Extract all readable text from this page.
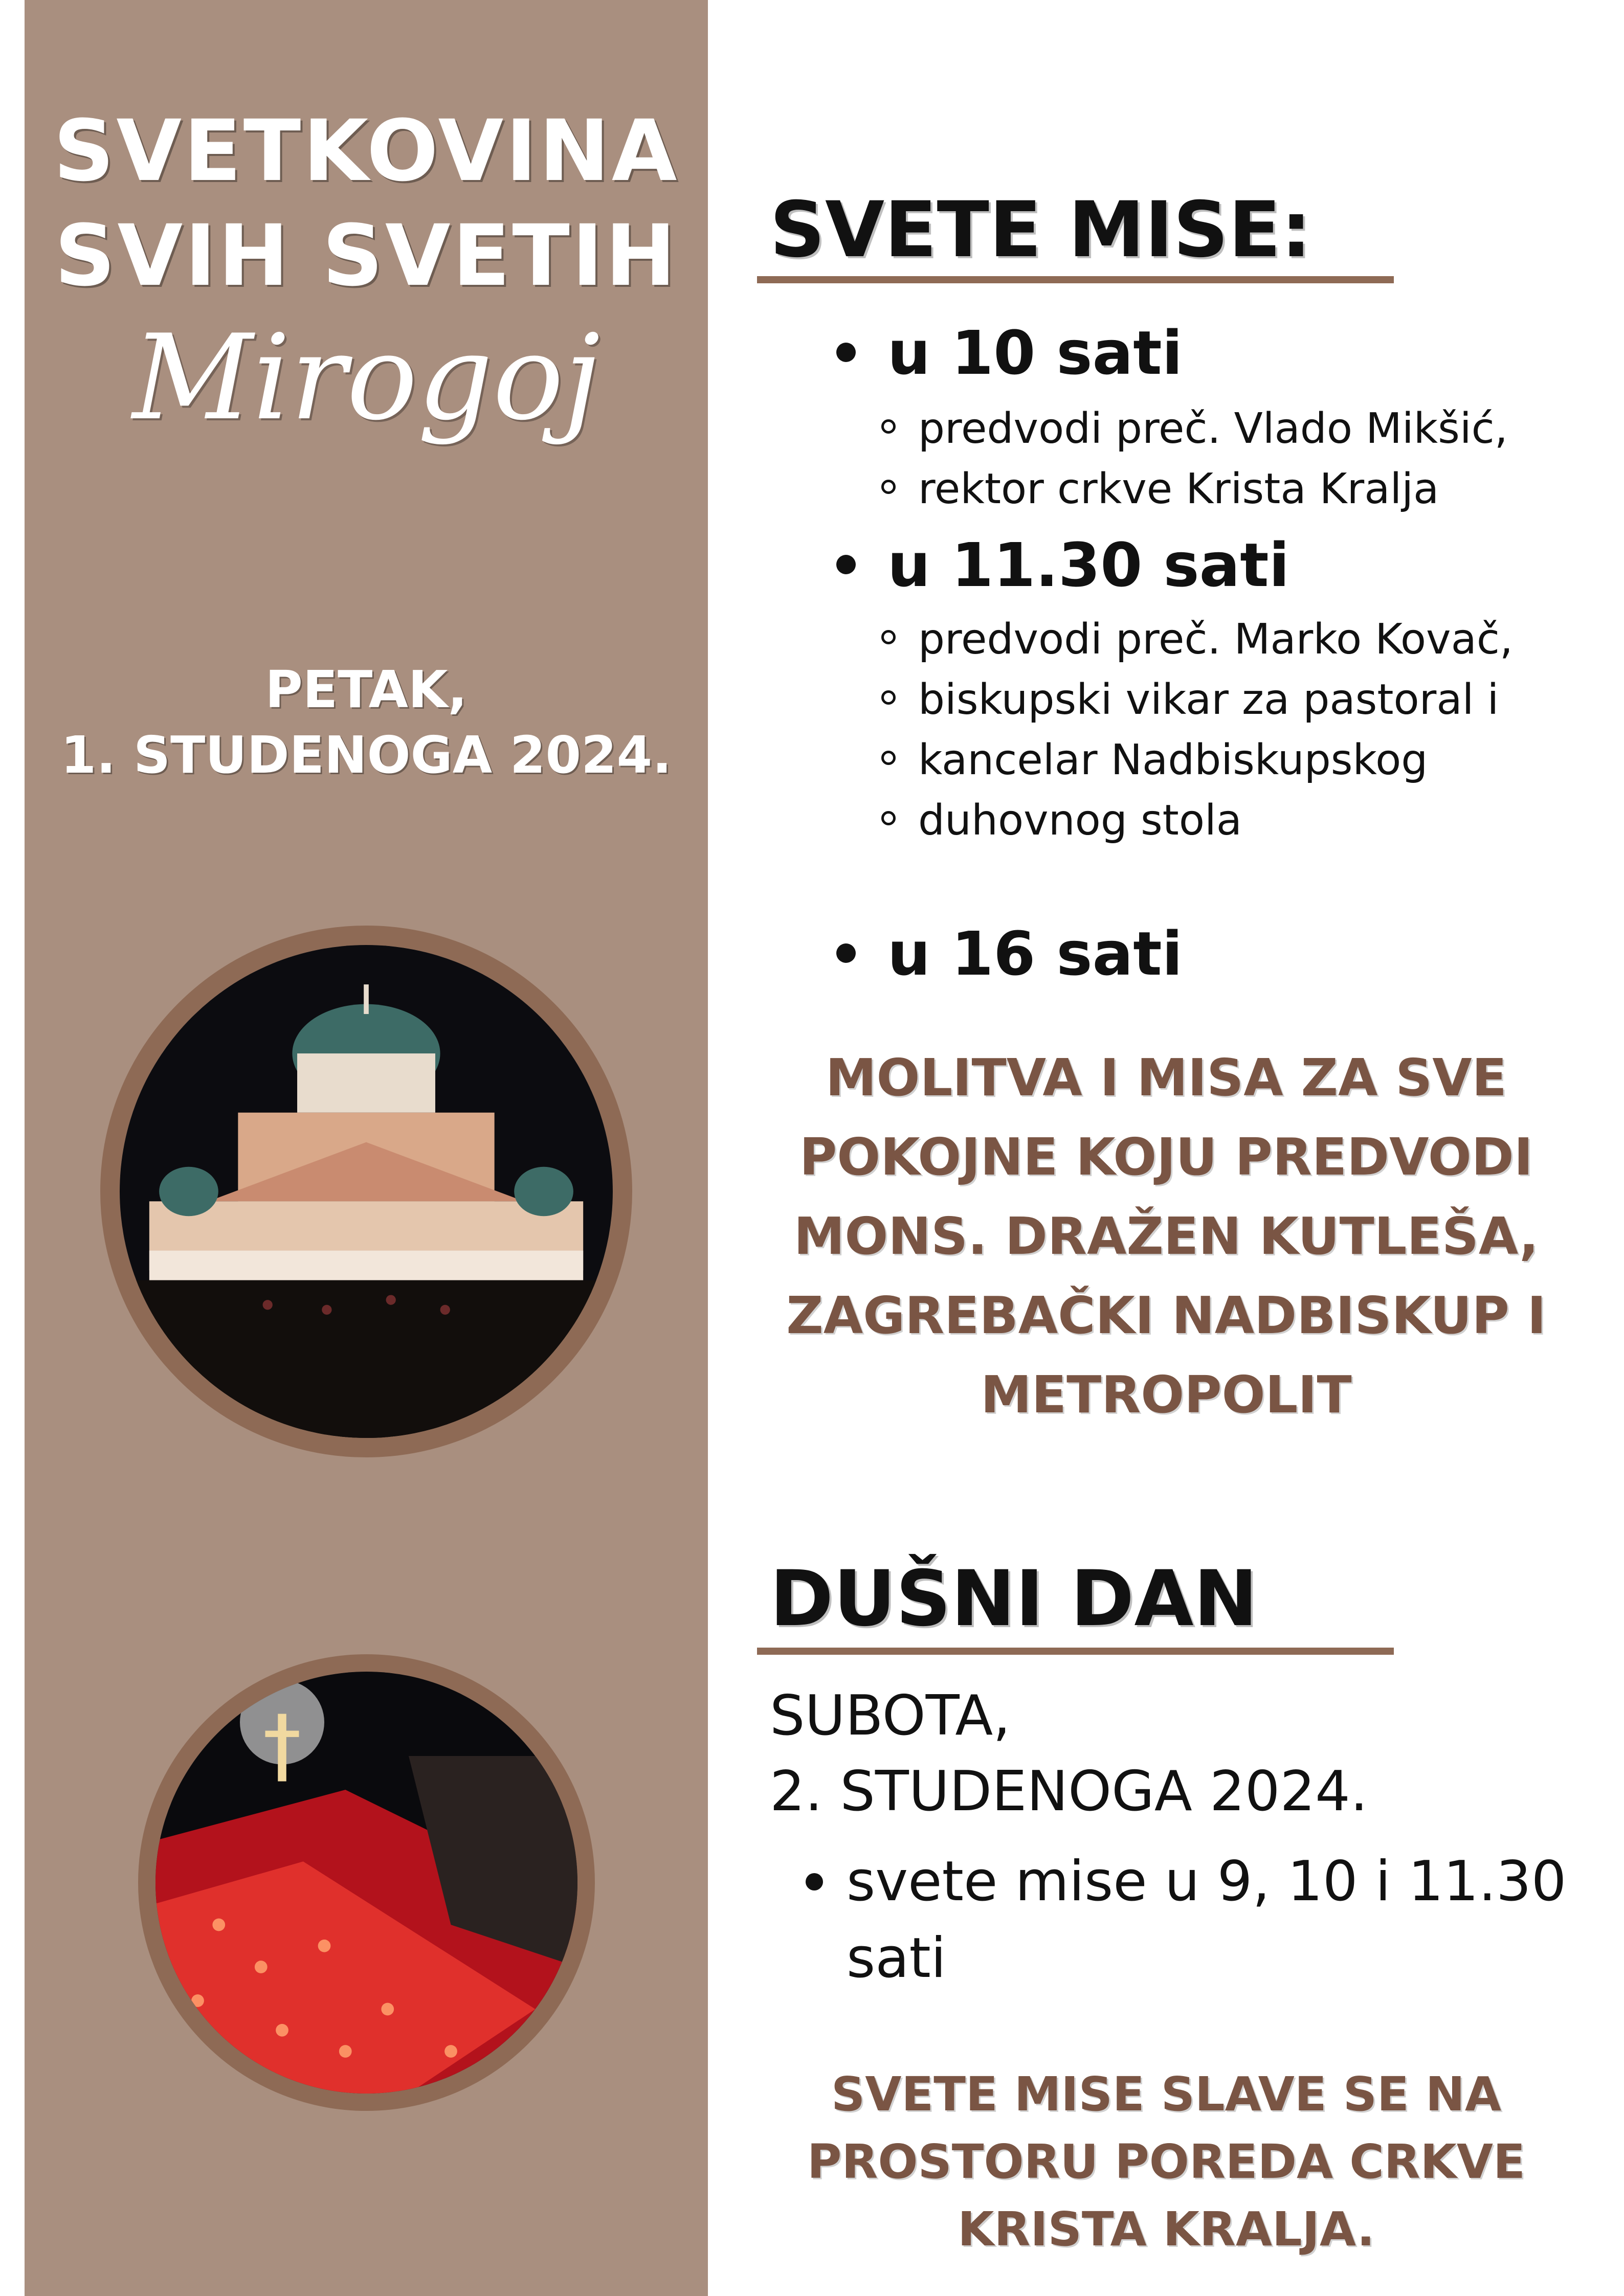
SVETKOVINA
SVIH SVETIH
Mirogoj
PETAK,
1. STUDENOGA 2024.
SVETE MISE:
u 10 sati
predvodi preč. Vlado Mikšić,
rektor crkve Krista Kralja
u 11.30 sati
predvodi preč. Marko Kovač,
biskupski vikar za pastoral i
kancelar Nadbiskupskog
duhovnog stola
u 16 sati
MOLITVA I MISA ZA SVE
POKOJNE KOJU PREDVODI
MONS. DRAŽEN KUTLEŠA,
ZAGREBAČKI NADBISKUP I
METROPOLIT
DUŠNI DAN
SUBOTA,
2. STUDENOGA 2024.
svete mise u 9, 10 i 11.30
sati
SVETE MISE SLAVE SE NA
PROSTORU POREDA CRKVE
KRISTA KRALJA.
